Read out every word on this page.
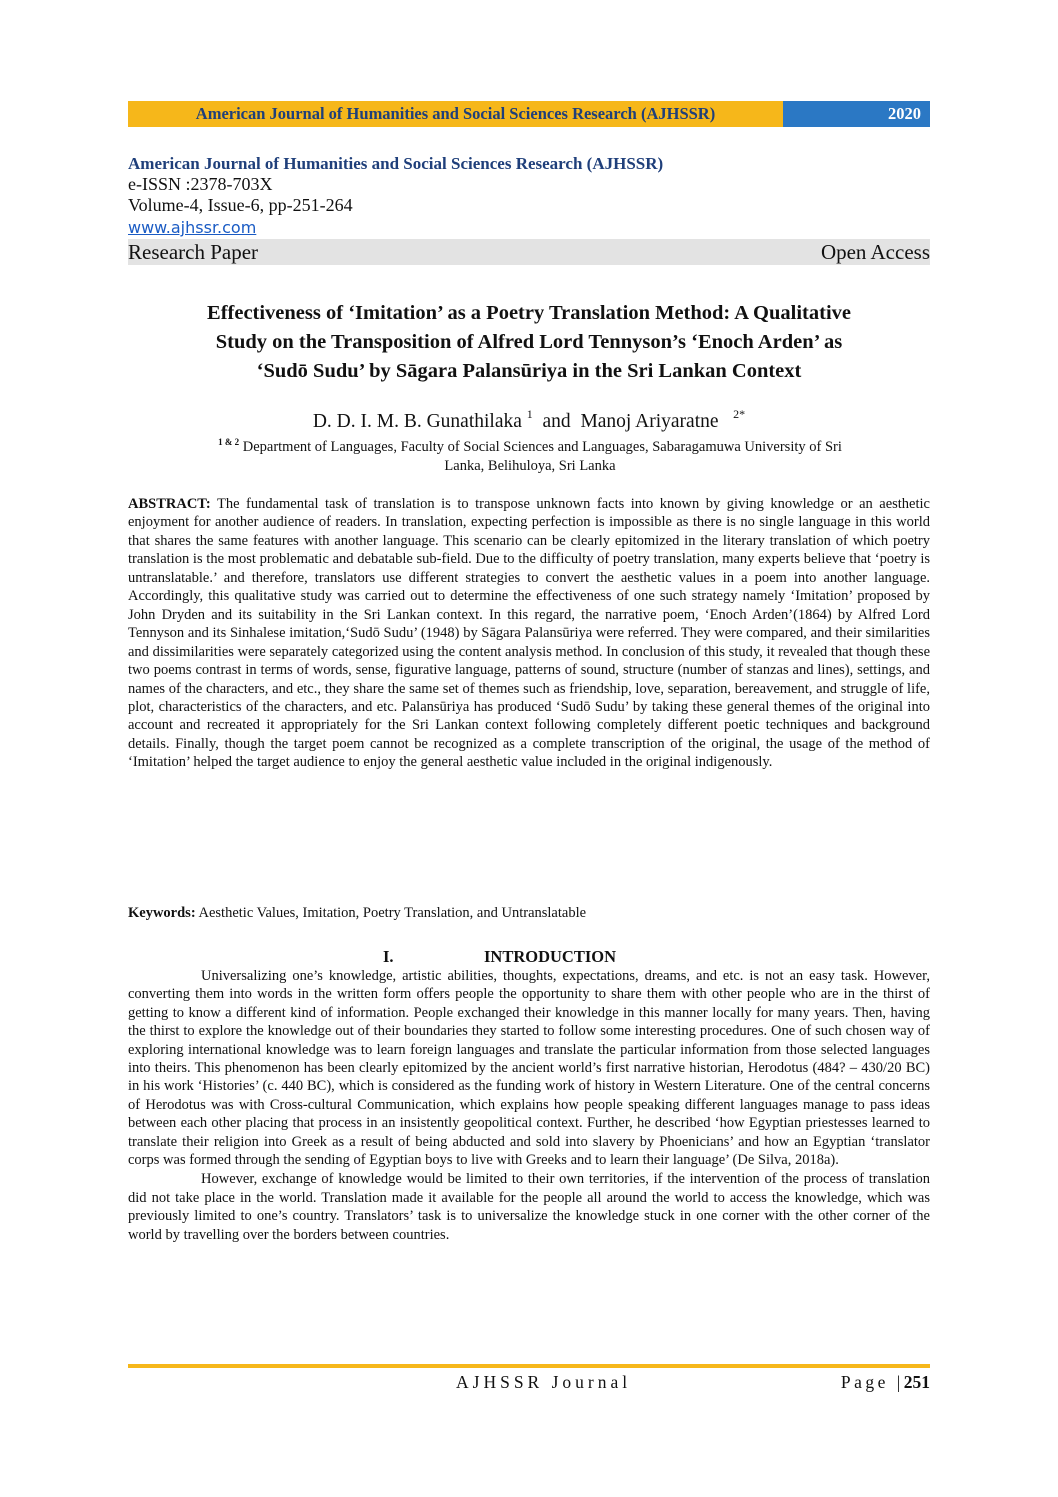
American Journal of Humanities and Social Sciences Research (AJHSSR)	2020
American Journal of Humanities and Social Sciences Research (AJHSSR)
e-ISSN :2378-703X
Volume-4, Issue-6, pp-251-264
www.ajhssr.com
Research Paper	Open Access
Effectiveness of ‘Imitation’ as a Poetry Translation Method: A Qualitative
Study on the Transposition of Alfred Lord Tennyson’s ‘Enoch Arden’ as
‘Sudō Sudu’ by Sāgara Palansūriya in the Sri Lankan Context
D. D. I. M. B. Gunathilaka $^1$ and Manoj Ariyaratne $^{2*}$
$^{1 \& 2}$ Department of Languages, Faculty of Social Sciences and Languages, Sabaragamuwa University of Sri
Lanka, Belihuloya, Sri Lanka

ABSTRACT: The fundamental task of translation is to transpose unknown facts into known by giving knowledge or an aesthetic enjoyment for another audience of readers. In translation, expecting perfection is impossible as there is no single language in this world that shares the same features with another language. This scenario can be clearly epitomized in the literary translation of which poetry translation is the most problematic and debatable sub-field. Due to the difficulty of poetry translation, many experts believe that ‘poetry is untranslatable.’ and therefore, translators use different strategies to convert the aesthetic values in a poem into another language. Accordingly, this qualitative study was carried out to determine the effectiveness of one such strategy namely ‘Imitation’ proposed by John Dryden and its suitability in the Sri Lankan context. In this regard, the narrative poem, ‘Enoch Arden’(1864) by Alfred Lord Tennyson and its Sinhalese imitation,‘Sudō Sudu’ (1948) by Sāgara Palansūriya were referred. They were compared, and their similarities and dissimilarities were separately categorized using the content analysis method. In conclusion of this study, it revealed that though these two poems contrast in terms of words, sense, figurative language, patterns of sound, structure (number of stanzas and lines), settings, and names of the characters, and etc., they share the same set of themes such as friendship, love, separation, bereavement, and struggle of life, plot, characteristics of the characters, and etc. Palansūriya has produced ‘Sudō Sudu’ by taking these general themes of the original into account and recreated it appropriately for the Sri Lankan context following completely different poetic techniques and background details. Finally, though the target poem cannot be recognized as a complete transcription of the original, the usage of the method of ‘Imitation’ helped the target audience to enjoy the general aesthetic value included in the original indigenously.

Keywords: Aesthetic Values, Imitation, Poetry Translation, and Untranslatable

I.	INTRODUCTION

Universalizing one’s knowledge, artistic abilities, thoughts, expectations, dreams, and etc. is not an easy task. However, converting them into words in the written form offers people the opportunity to share them with other people who are in the thirst of getting to know a different kind of information. People exchanged their knowledge in this manner locally for many years. Then, having the thirst to explore the knowledge out of their boundaries they started to follow some interesting procedures. One of such chosen way of exploring international knowledge was to learn foreign languages and translate the particular information from those selected languages into theirs. This phenomenon has been clearly epitomized by the ancient world’s first narrative historian, Herodotus (484? – 430/20 BC) in his work ‘Histories’ (c. 440 BC), which is considered as the funding work of history in Western Literature. One of the central concerns of Herodotus was with Cross-cultural Communication, which explains how people speaking different languages manage to pass ideas between each other placing that process in an insistently geopolitical context. Further, he described ‘how Egyptian priestesses learned to translate their religion into Greek as a result of being abducted and sold into slavery by Phoenicians’ and how an Egyptian ‘translator corps was formed through the sending of Egyptian boys to live with Greeks and to learn their language’ (De Silva, 2018a).

However, exchange of knowledge would be limited to their own territories, if the intervention of the process of translation did not take place in the world. Translation made it available for the people all around the world to access the knowledge, which was previously limited to one’s country. Translators’ task is to universalize the knowledge stuck in one corner with the other corner of the world by travelling over the borders between countries.

AJHSSR Journal	Page |251
